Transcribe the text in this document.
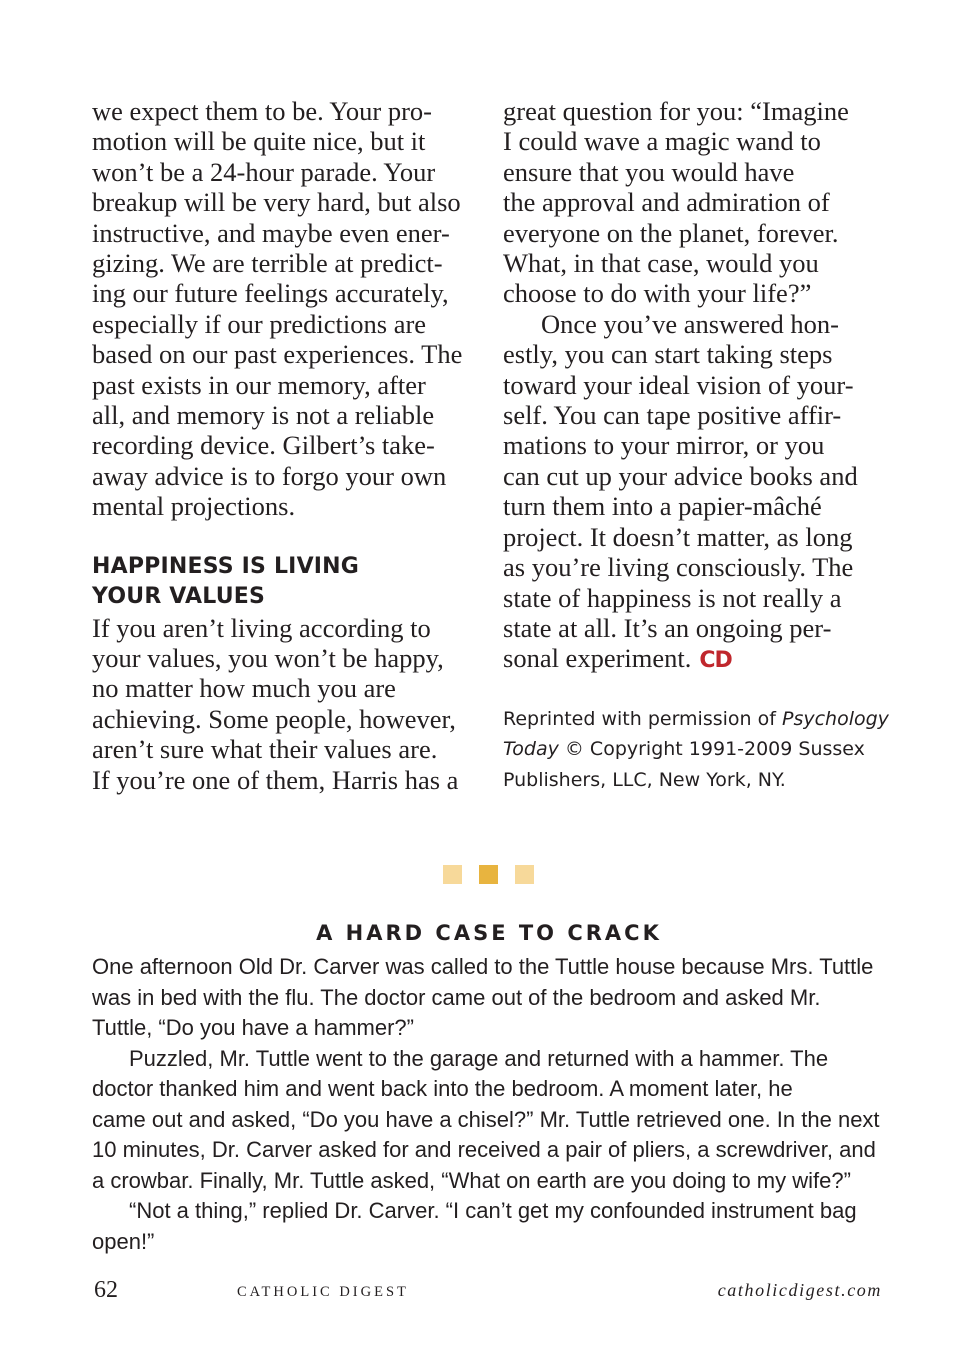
we expect them to be. Your pro-
motion will be quite nice, but it
won’t be a 24-hour parade. Your
breakup will be very hard, but also
instructive, and maybe even ener-
gizing. We are terrible at predict-
ing our future feelings accurately,
especially if our predictions are
based on our past experiences. The
past exists in our memory, after
all, and memory is not a reliable
recording device. Gilbert’s take-
away advice is to forgo your own
mental projections.

HAPPINESS IS LIVING
YOUR VALUES

If you aren’t living according to
your values, you won’t be happy,
no matter how much you are
achieving. Some people, however,
aren’t sure what their values are.
If you’re one of them, Harris has a

great question for you: “Imagine
I could wave a magic wand to
ensure that you would have
the approval and admiration of
everyone on the planet, forever.
What, in that case, would you
choose to do with your life?”

Once you’ve answered hon-
estly, you can start taking steps
toward your ideal vision of your-
self. You can tape positive affir-
mations to your mirror, or you
can cut up your advice books and
turn them into a papier-mâché
project. It doesn’t matter, as long
as you’re living consciously. The
state of happiness is not really a
state at all. It’s an ongoing per-
sonal experiment. CD

Reprinted with permission of Psychology
Today © Copyright 1991-2009 Sussex
Publishers, LLC, New York, NY.
A HARD CASE TO CRACK
One afternoon Old Dr. Carver was called to the Tuttle house because Mrs. Tuttle
was in bed with the flu. The doctor came out of the bedroom and asked Mr.
Tuttle, “Do you have a hammer?”
Puzzled, Mr. Tuttle went to the garage and returned with a hammer. The
doctor thanked him and went back into the bedroom. A moment later, he
came out and asked, “Do you have a chisel?” Mr. Tuttle retrieved one. In the next
10 minutes, Dr. Carver asked for and received a pair of pliers, a screwdriver, and
a crowbar. Finally, Mr. Tuttle asked, “What on earth are you doing to my wife?”
“Not a thing,” replied Dr. Carver. “I can’t get my confounded instrument bag
open!”
62	CATHOLIC DIGEST	catholicdigest.com
